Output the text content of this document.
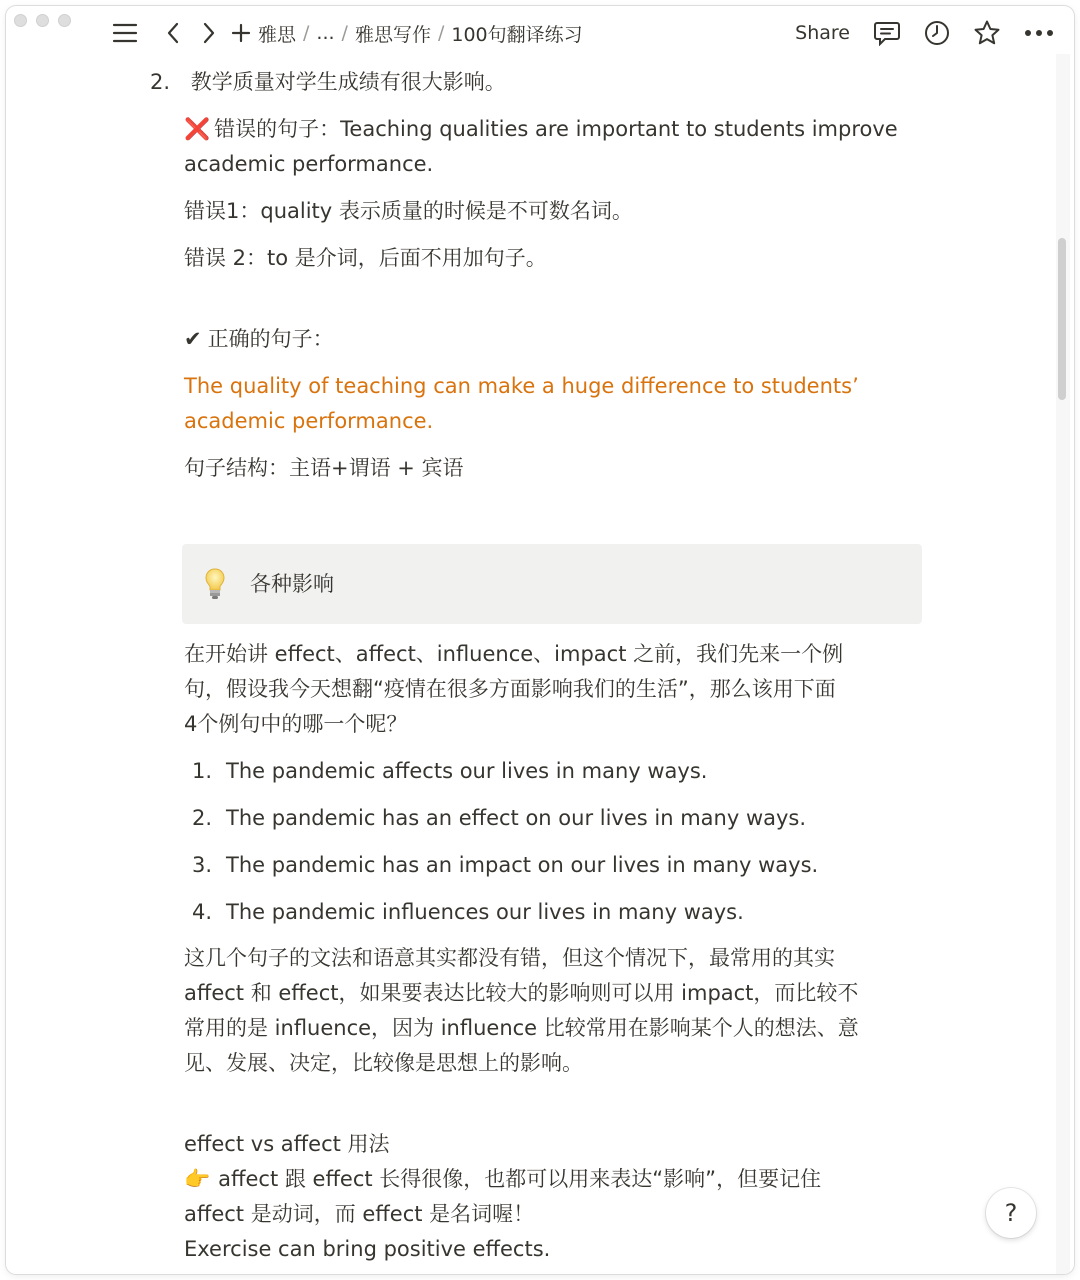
雅思 / ... / 雅思写作 / 100句翻译练习	Share
2. 教学质量对学生成绩有很大影响。
❌ 错误的句子：Teaching qualities are important to students improve
academic performance.
错误1：quality 表示质量的时候是不可数名词。
错误 2：to 是介词，后面不用加句子。
✔ 正确的句子：
The quality of teaching can make a huge difference to students’
academic performance.
句子结构：主语+谓语 + 宾语
各种影响
在开始讲 effect、affect、influence、impact 之前，我们先来一个例
句，假设我今天想翻“疫情在很多方面影响我们的生活”，那么该用下面
4个例句中的哪一个呢？
1. The pandemic affects our lives in many ways.
2. The pandemic has an effect on our lives in many ways.
3. The pandemic has an impact on our lives in many ways.
4. The pandemic influences our lives in many ways.
这几个句子的文法和语意其实都没有错，但这个情况下，最常用的其实
affect 和 effect，如果要表达比较大的影响则可以用 impact，而比较不
常用的是 influence，因为 influence 比较常用在影响某个人的想法、意
见、发展、决定，比较像是思想上的影响。
effect vs affect 用法
👉 affect 跟 effect 长得很像，也都可以用来表达“影响”，但要记住
affect 是动词，而 effect 是名词喔！
Exercise can bring positive effects.
?
